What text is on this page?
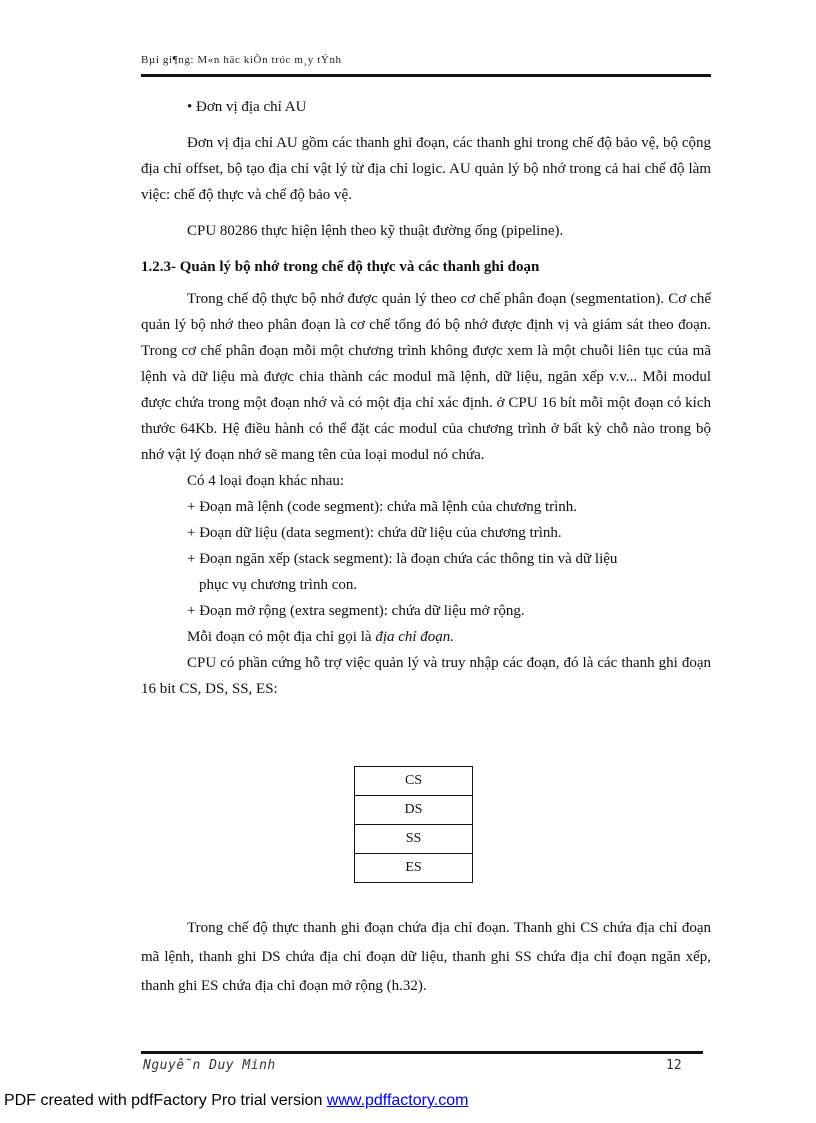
Bµi gi¶ng: M«n häc kiÕn tróc m¸y tÝnh

• Đơn vị địa chỉ AU

Đơn vị địa chỉ AU gồm các thanh ghi đoạn, các thanh ghi trong chế độ bảo vệ, bộ cộng địa chỉ offset, bộ tạo địa chỉ vật lý từ địa chỉ logic. AU quản lý bộ nhớ trong cả hai chế độ làm việc: chế độ thực và chế độ bảo vệ.

CPU 80286 thực hiện lệnh theo kỹ thuật đường ống (pipeline).

1.2.3- Quản lý bộ nhớ trong chế độ thực và các thanh ghi đoạn

Trong chế độ thực bộ nhớ được quản lý theo cơ chế phân đoạn (segmentation). Cơ chế quản lý bộ nhớ theo phân đoạn là cơ chế tổng đó bộ nhớ được định vị và giám sát theo đoạn. Trong cơ chế phân đoạn mỗi một chương trình không được xem là một chuỗi liên tục của mã lệnh và dữ liệu mà được chia thành các modul mã lệnh, dữ liệu, ngăn xếp v.v... Mỗi modul được chứa trong một đoạn nhớ và có một địa chỉ xác định. ở CPU 16 bít mỗi một đoạn có kích thước 64Kb. Hệ điều hành có thể đặt các modul của chương trình ở bất kỳ chỗ nào trong bộ nhớ vật lý đoạn nhớ sẽ mang tên của loại modul nó chứa.

Có 4 loại đoạn khác nhau:

+ Đoạn mã lệnh (code segment): chứa mã lệnh của chương trình.

+ Đoạn dữ liệu (data segment): chứa dữ liệu của chương trình.

+ Đoạn ngăn xếp (stack segment): là đoạn chứa các thông tin và dữ liệu

phục vụ chương trình con.

+ Đoạn mở rộng (extra segment): chứa dữ liệu mở rộng.

Mỗi đoạn có một địa chỉ gọi là địa chỉ đoạn.

CPU có phần cứng hỗ trợ việc quản lý và truy nhập các đoạn, đó là các thanh ghi đoạn 16 bit CS, DS, SS, ES:

CS
DS
SS
ES

Trong chế độ thực thanh ghi đoạn chứa địa chỉ đoạn. Thanh ghi CS chứa địa chỉ đoạn mã lệnh, thanh ghi DS chứa địa chỉ đoạn dữ liệu, thanh ghi SS chứa địa chỉ đoạn ngăn xếp, thanh ghi ES chứa địa chỉ đoạn mở rộng (h.32).

Nguyễn Duy Minh	12
PDF created with pdfFactory Pro trial version www.pdffactory.com
